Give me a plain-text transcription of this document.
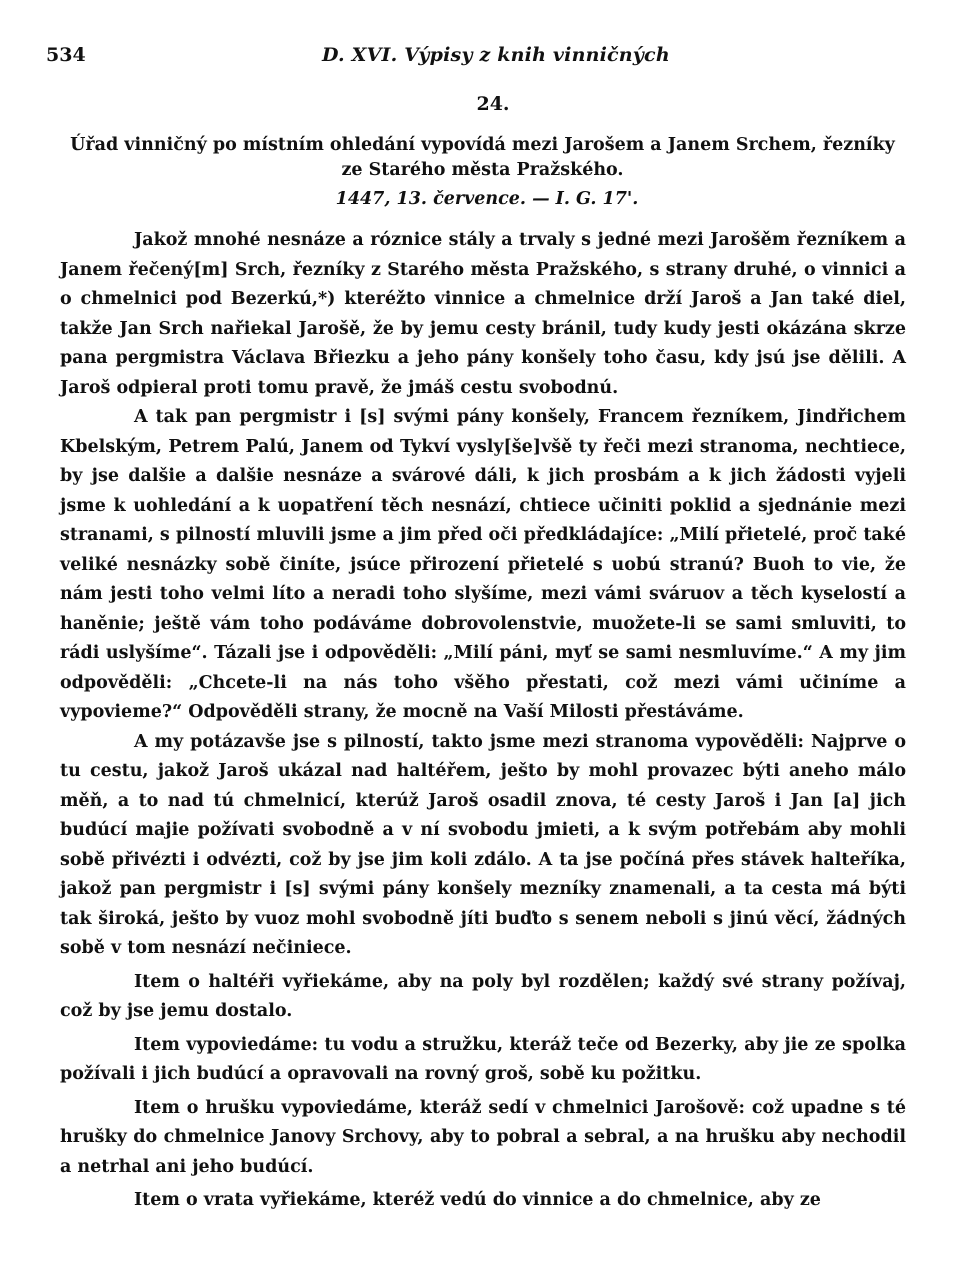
534	D. XVI. Výpisy z knih vinničných
24.
Úřad vinničný po místním ohledání vypovídá mezi Jarošem a Janem Srchem, řezníky ze Starého města Pražského.
1447, 13. července. — I. G. 17'.

Jakož mnohé nesnáze a róznice stály a trvaly s jedné mezi Jarošěm řezníkem a Janem řečený[m] Srch, řezníky z Starého města Pražského, s strany druhé, o vinnici a o chmelnici pod Bezerkú,*) kteréžto vinnice a chmelnice drží Jaroš a Jan také diel, takže Jan Srch nařiekal Jarošě, že by jemu cesty bránil, tudy kudy jesti okázána skrze pana pergmistra Václava Břiezku a jeho pány konšely toho času, kdy jsú jse dělili. A Jaroš odpieral proti tomu pravě, že jmáš cestu svobodnú.

A tak pan pergmistr i [s] svými pány konšely, Francem řezníkem, Jindřichem Kbelským, Petrem Palú, Janem od Tykví vysly[še]všě ty řeči mezi stranoma, nechtiece, by jse dalšie a dalšie nesnáze a svárové dáli, k jich prosbám a k jich žádosti vyjeli jsme k uohledání a k uopatření těch nesnází, chtiece učiniti poklid a sjednánie mezi stranami, s pilností mluvili jsme a jim před oči předkládajíce: „Milí přietelé, proč také veliké nesnázky sobě činíte, jsúce přirození přietelé s uobú stranú? Buoh to vie, že nám jesti toho velmi líto a neradi toho slyšíme, mezi vámi sváruov a těch kyselostí a haněnie; ještě vám toho podáváme dobrovolenstvie, muožete-li se sami smluviti, to rádi uslyšíme“. Tázali jse i odpověděli: „Milí páni, myť se sami nesmluvíme.“ A my jim odpověděli: „Chcete-li na nás toho všěho přestati, což mezi vámi učiníme a vypovieme?“ Odpověděli strany, že mocně na Vaší Milosti přestáváme.

A my potázavše jse s pilností, takto jsme mezi stranoma vypověděli: Najprve o tu cestu, jakož Jaroš ukázal nad haltéřem, ješto by mohl provazec býti aneho málo měň, a to nad tú chmelnicí, kterúž Jaroš osadil znova, té cesty Jaroš i Jan [a] jich budúcí majie požívati svobodně a v ní svobodu jmieti, a k svým potřebám aby mohli sobě přivézti i odvézti, což by jse jim koli zdálo. A ta jse počíná přes stávek halteříka, jakož pan pergmistr i [s] svými pány konšely mezníky znamenali, a ta cesta má býti tak široká, ješto by vuoz mohl svobodně jíti buďto s senem neboli s jinú věcí, žádných sobě v tom nesnází nečiniece.

Item o haltéři vyřiekáme, aby na poly byl rozdělen; každý své strany požívaj, což by jse jemu dostalo.

Item vypoviedáme: tu vodu a stružku, kteráž teče od Bezerky, aby jie ze spolka požívali i jich budúcí a opravovali na rovný groš, sobě ku požitku.

Item o hrušku vypoviedáme, kteráž sedí v chmelnici Jarošově: což upadne s té hrušky do chmelnice Janovy Srchovy, aby to pobral a sebral, a na hrušku aby nechodil a netrhal ani jeho budúcí.

Item o vrata vyřiekáme, kteréž vedú do vinnice a do chmelnice, aby ze
